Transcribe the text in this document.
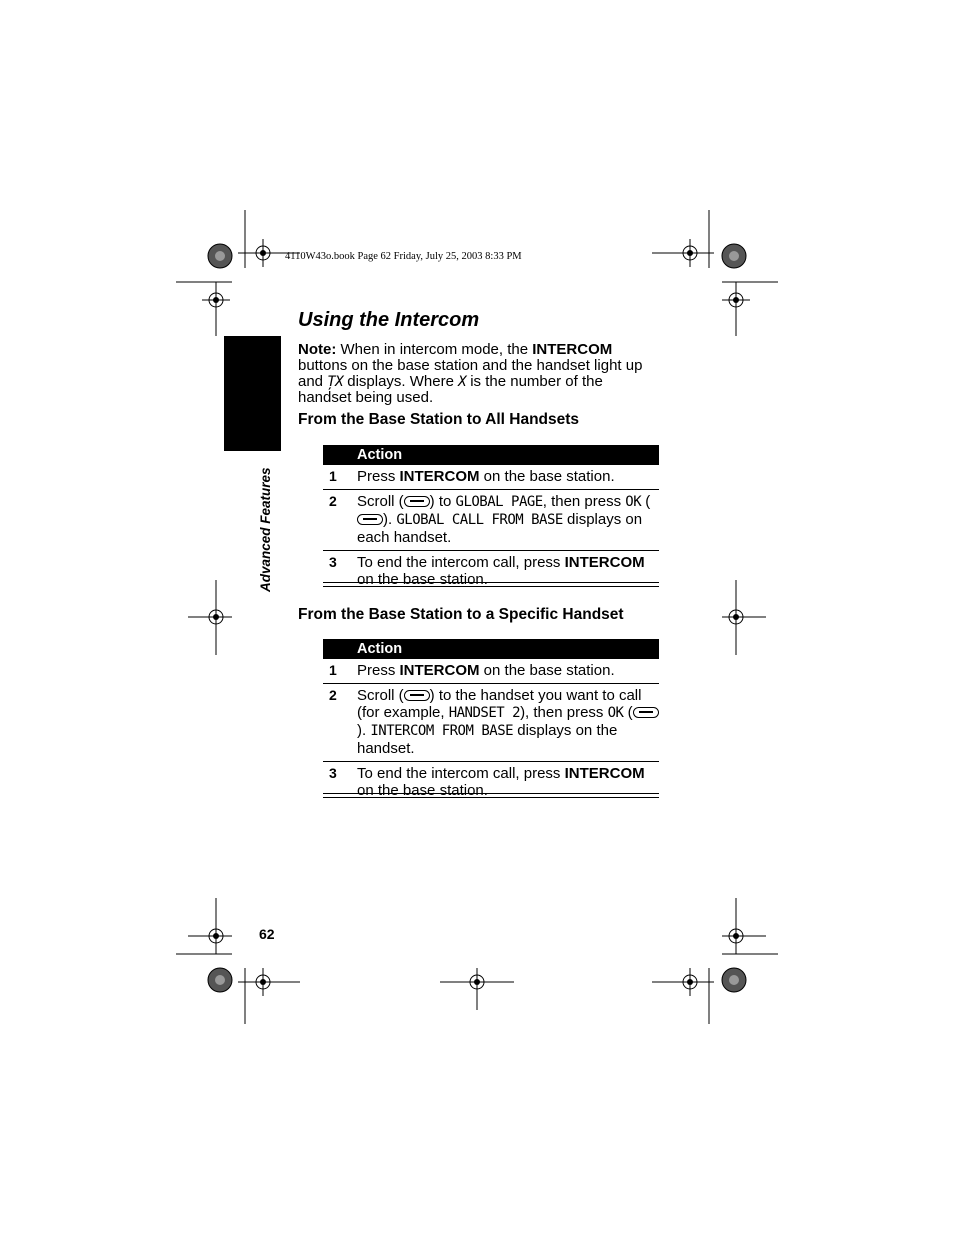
4110W43o.book Page 62 Friday, July 25, 2003 8:33 PM
Advanced Features
Using the Intercom
Note: When in intercom mode, the INTERCOM buttons on the base station and the handset light up and ȚX displays. Where X is the number of the handset being used.
From the Base Station to All Handsets
	Action
1	Press INTERCOM on the base station.
2	Scroll ( ) to GLOBAL PAGE, then press OK (). GLOBAL CALL FROM BASE displays on each handset.
3	To end the intercom call, press INTERCOM on the base station.
From the Base Station to a Specific Handset
	Action
1	Press INTERCOM on the base station.
2	Scroll ( ) to the handset you want to call (for example, HANDSET 2), then press OK (). INTERCOM FROM BASE displays on the handset.
3	To end the intercom call, press INTERCOM on the base station.
62
